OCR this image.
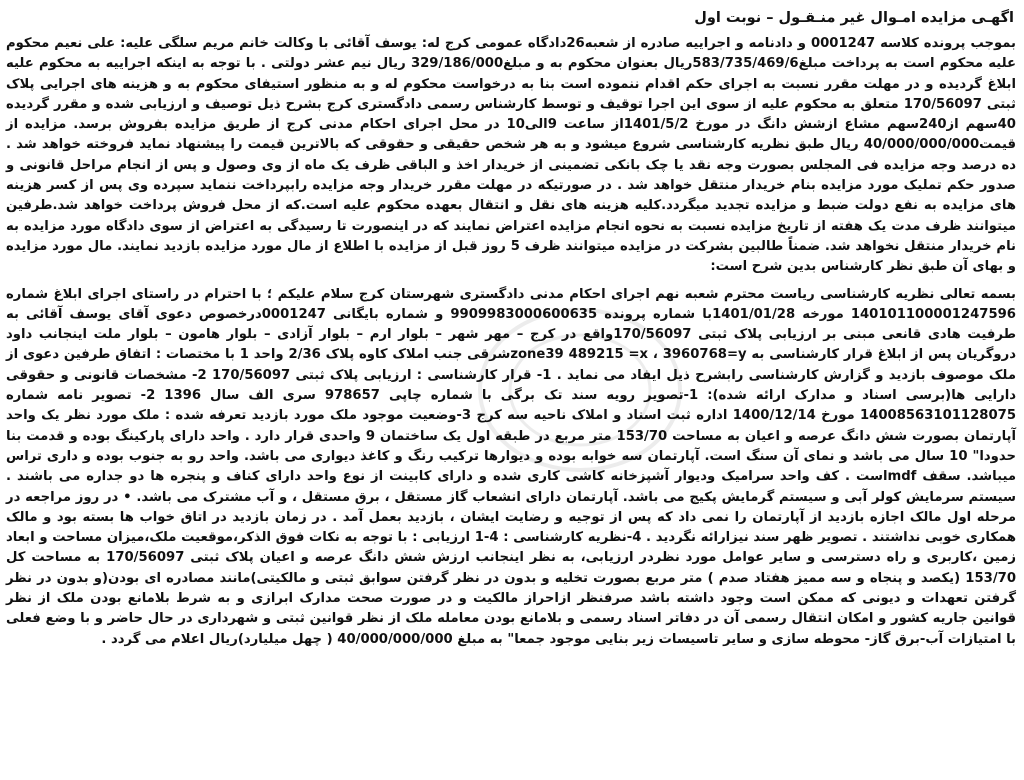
اگهـی مزایده امـوال غیر منـقـول – نوبت اول

بموجب پرونده کلاسه 0001247 و دادنامه و اجراییه صادره از شعبه26دادگاه عمومی کرج له: یوسف آقائی با وکالت خانم مریم سلگی علیه: علی نعیم محکوم علیه محکوم است به پرداخت مبلغ583/735/469/6ریال بعنوان محکوم به و مبلغ329/186/000 ریال نیم عشر دولتی . با توجه به اینکه اجراییه به محکوم علیه ابلاغ گردیده و در مهلت مقرر نسبت به اجرای حکم اقدام ننموده است بنا به درخواست محکوم له و به منظور استیفای محکوم به و هزینه های اجرایی پلاک ثبتی 170/56097 متعلق به محکوم علیه از سوی این اجرا توقیف و توسط کارشناس رسمی دادگستری کرج بشرح ذیل توصیف و ارزیابی شده و مقرر گردیده 40سهم از240سهم مشاع ازشش دانگ در مورخ 1401/5/2از ساعت 9الی10 در محل اجرای احکام مدنی کرج از طریق مزایده بفروش برسد. مزایده از قیمت40/000/000/000 ریال طبق نظریه کارشناسی شروع میشود و به هر شخص حقیقی و حقوقی که بالاترین قیمت را پیشنهاد نماید فروخته خواهد شد . ده درصد وجه مزایده فی المجلس بصورت وجه نقد یا چک بانکی تضمینی از خریدار اخذ و الباقی ظرف یک ماه از وی وصول و پس از انجام مراحل قانونی و صدور حکم تملیک مورد مزایده بنام خریدار منتقل خواهد شد . در صورتیکه در مهلت مقرر خریدار وجه مزایده رابپرداخت ننماید سپرده وی پس از کسر هزینه های مزایده به نفع دولت ضبط و مزایده تجدید میگردد.کلیه هزینه های نقل و انتقال بعهده محکوم علیه است.که از محل فروش پرداخت خواهد شد.طرفین میتوانند ظرف مدت یک هفته از تاریخ مزایده نسبت به نحوه انجام مزایده اعتراض نمایند که در اینصورت تا رسیدگی به اعتراض از سوی دادگاه مورد مزایده به نام خریدار منتقل نخواهد شد. ضمناً طالبین بشرکت در مزایده میتوانند ظرف 5 روز قبل از مزایده با اطلاع از مال مورد مزایده بازدید نمایند. مال مورد مزایده و بهای آن طبق نظر کارشناس بدین شرح است:

بسمه تعالی نظریه کارشناسی ریاست محترم شعبه نهم اجرای احکام مدنی دادگستری شهرستان کرج سلام علیکم ؛ با احترام در راستای اجرای ابلاغ شماره 140101100001247596 مورخه 1401/01/28با شماره پرونده 9909983000600635 و شماره بایگانی 0001247درخصوص دعوی آقای یوسف آقائی به طرفیت هادی قانعی مبنی بر ارزیابی پلاک ثبتی 170/56097واقع در کرج – مهر شهر – بلوار ارم – بلوار آزادی – بلوار هامون – بلوار ملت اینجانب داود دروگریان پس از ابلاغ قرار کارشناسی به zone39 489215 =x ، 3960768=yشرقی جنب املاک کاوه پلاک 2/36 واحد 1 با مختصات : اتفاق طرفین دعوی از ملک موصوف بازدید و گزارش کارشناسی رابشرح ذیل ایفاد می نماید . 1- قرار کارشناسی : ارزیابی پلاک ثبتی 170/56097 2- مشخصات قانونی و حقوقی دارایی ها(برسی اسناد و مدارک ارائه شده): 1-تصویر رویه سند تک برگی با شماره چاپی 978657 سری الف سال 1396 2- تصویر نامه شماره 14008563101128075 مورخ 1400/12/14 اداره ثبت اسناد و املاک ناحیه سه کرج 3-وضعیت موجود ملک مورد بازدید تعرفه شده : ملک مورد نظر یک واحد آپارتمان بصورت شش دانگ عرصه و اعیان به مساحت 153/70 متر مربع در طبقه اول یک ساختمان 9 واحدی قرار دارد . واحد دارای پارکینگ بوده و قدمت بنا حدودا" 10 سال می باشد و نمای آن سنگ است. آپارتمان سه خوابه بوده و دیوارها ترکیب رنگ و کاغذ دیواری می باشد. واحد رو به جنوب بوده و داری تراس میباشد. سقف mdfاست . کف واحد سرامیک ودیوار آشپزخانه کاشی کاری شده و دارای کابینت از نوع واحد دارای کناف و پنجره ها دو جداره می باشند . سیستم سرمایش کولر آبی و سیستم گرمایش پکیج می باشد. آپارتمان دارای انشعاب گاز مستقل ، برق مستقل ، و آب مشترک می باشد. • در روز مراجعه در مرحله اول مالک اجازه بازدید از آپارتمان را نمی داد که پس از توجیه و رضایت ایشان ، بازدید بعمل آمد . در زمان بازدید در اتاق خواب ها بسته بود و مالک همکاری خوبی نداشتند . تصویر ظهر سند نیزارائه نگردید . 4-نظریه کارشناسی : 4-1 ارزیابی : با توجه به نکات فوق الذکر،موقعیت ملک،میزان مساحت و ابعاد زمین ،کاربری و راه دسترسی و سایر عوامل مورد نظردر ارزیابی، به نظر اینجانب ارزش شش دانگ عرصه و اعیان پلاک ثبتی 170/56097 به مساحت کل 153/70 (یکصد و پنجاه و سه ممیز هفتاد صدم ) متر مربع بصورت تخلیه و بدون در نظر گرفتن سوابق ثبتی و مالکیتی)مانند مصادره ای بودن(و بدون در نظر گرفتن تعهدات و دیونی که ممکن است وجود داشته باشد صرفنظر ازاحراز مالکیت و در صورت صحت مدارک ابرازی و به شرط بلامانع بودن ملک از نظر قوانین جاریه کشور و امکان انتقال رسمی آن در دفاتر اسناد رسمی و بلامانع بودن معامله ملک از نظر قوانین ثبتی و شهرداری در حال حاضر و با وضع فعلی با امتیازات آب-برق گاز- محوطه سازی و سایر تاسیسات زیر بنایی موجود جمعا" به مبلغ 40/000/000/000 ( چهل میلیارد)ریال اعلام می گردد .
